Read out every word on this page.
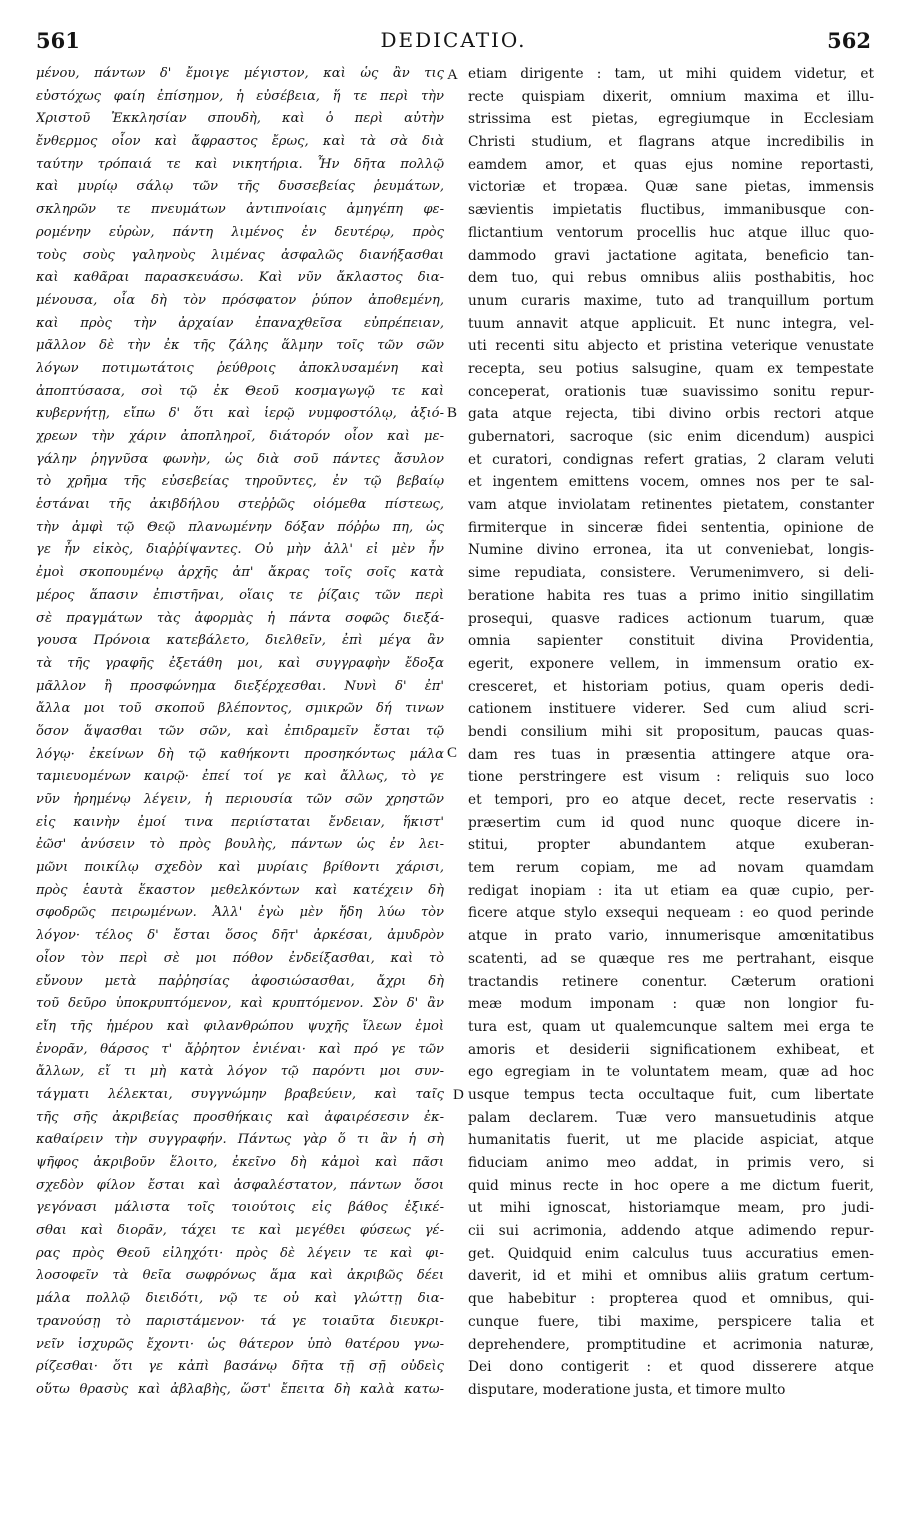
561	DEDICATIO.	562
μένου, πάντων δ' ἔμοιγε μέγιστον, καὶ ὡς ἂν τις
εὐστόχως φαίη ἐπίσημον, ἡ εὐσέβεια, ἥ τε περὶ τὴν
Χριστοῦ Ἐκκλησίαν σπουδὴ, καὶ ὁ περὶ αὐτὴν
ἔνθερμος οἷον καὶ ἄφραστος ἔρως, καὶ τὰ σὰ διὰ
ταύτην τρόπαιά τε καὶ νικητήρια. Ἦν δῆτα πολλῷ
καὶ μυρίῳ σάλῳ τῶν τῆς δυσσεβείας ῥευμάτων,
σκληρῶν τε πνευμάτων ἀντιπνοίαις ἀμηγέπη φε-
ρομένην εὑρὼν, πάντη λιμένος ἐν δευτέρῳ, πρὸς
τοὺς σοὺς γαληνοὺς λιμένας ἀσφαλῶς διανήξασθαι
καὶ καθᾶραι παρασκευάσω. Καὶ νῦν ἄκλαστος δια-
μένουσα, οἷα δὴ τὸν πρόσφατον ῥύπον ἀποθεμένη,
καὶ πρὸς τὴν ἀρχαίαν ἐπαναχθεῖσα εὐπρέπειαν,
μᾶλλον δὲ τὴν ἐκ τῆς ζάλης ἅλμην τοῖς τῶν σῶν
λόγων ποτιμωτάτοις ῥεύθροις ἀποκλυσαμένη καὶ
ἀποπτύσασα, σοὶ τῷ ἐκ Θεοῦ κοσμαγωγῷ τε καὶ
κυβερνήτῃ, εἴπω δ' ὅτι καὶ ἱερῷ νυμφοστόλῳ, ἀξιό-
χρεων τὴν χάριν ἀποπληροῖ, διάτορόν οἷον καὶ με-
γάλην ῥηγνῦσα φωνὴν, ὡς διὰ σοῦ πάντες ἄσυλον
τὸ χρῆμα τῆς εὐσεβείας τηροῦντες, ἐν τῷ βεβαίῳ
ἑστάναι τῆς ἀκιβδήλου στεῤῥῶς οἰόμεθα πίστεως,
τὴν ἀμφὶ τῷ Θεῷ πλανωμένην δόξαν πόῤῥω πη, ὡς
γε ἦν εἰκὸς, διαῤῥίψαντες. Οὐ μὴν ἀλλ' εἰ μὲν ἦν
ἐμοὶ σκοπουμένῳ ἀρχῆς ἀπ' ἄκρας τοῖς σοῖς κατὰ
μέρος ἅπασιν ἐπιστῆναι, οἵαις τε ῥίζαις τῶν περὶ
σὲ πραγμάτων τὰς ἀφορμὰς ἡ πάντα σοφῶς διεξά-
γουσα Πρόνοια κατεβάλετο, διελθεῖν, ἐπὶ μέγα ἂν
τὰ τῆς γραφῆς ἐξετάθη μοι, καὶ συγγραφὴν ἔδοξα
μᾶλλον ἢ προσφώνημα διεξέρχεσθαι. Νυνὶ δ' ἐπ'
ἄλλα μοι τοῦ σκοποῦ βλέποντος, σμικρῶν δή τινων
ὅσον ἅψασθαι τῶν σῶν, καὶ ἐπιδραμεῖν ἔσται τῷ
λόγῳ· ἐκείνων δὴ τῷ καθήκοντι προσηκόντως μάλα
ταμιευομένων καιρῷ· ἐπεί τοί γε καὶ ἄλλως, τὸ γε
νῦν ἠρημένῳ λέγειν, ἡ περιουσία τῶν σῶν χρηστῶν
εἰς καινὴν ἐμοί τινα περιίσταται ἔνδειαν, ἥκιστ'
ἐῶσ' ἀνύσειν τὸ πρὸς βουλὴς, πάντων ὡς ἐν λει-
μῶνι ποικίλῳ σχεδὸν καὶ μυρίαις βρίθοντι χάρισι,
πρὸς ἑαυτὰ ἕκαστον μεθελκόντων καὶ κατέχειν δὴ
σφοδρῶς πειρωμένων. Ἀλλ' ἐγὼ μὲν ἤδη λύω τὸν
λόγον· τέλος δ' ἔσται ὅσος δῆτ' ἀρκέσαι, ἀμυδρὸν
οἷον τὸν περὶ σὲ μοι πόθον ἐνδείξασθαι, καὶ τὸ
εὔνουν μετὰ παῤῥησίας ἀφοσιώσασθαι, ἄχρι δὴ
τοῦ δεῦρο ὑποκρυπτόμενον, καὶ κρυπτόμενον. Σὸν δ' ἂν
εἴη τῆς ἡμέρου καὶ φιλανθρώπου ψυχῆς ἴλεων ἐμοὶ
ἐνορᾶν, θάρσος τ' ἄῤῥητον ἐνιέναι· καὶ πρό γε τῶν
ἄλλων, εἴ τι μὴ κατὰ λόγον τῷ παρόντι μοι συν-
τάγματι λέλεκται, συγγνώμην βραβεύειν, καὶ ταῖς
τῆς σῆς ἀκριβείας προσθήκαις καὶ ἀφαιρέσεσιν ἐκ-
καθαίρειν τὴν συγγραφήν. Πάντως γὰρ ὅ τι ἂν ἡ σὴ
ψῆφος ἀκριβοῦν ἕλοιτο, ἐκεῖνο δὴ κἀμοὶ καὶ πᾶσι
σχεδὸν φίλον ἔσται καὶ ἀσφαλέστατον, πάντων ὅσοι
γεγόνασι μάλιστα τοῖς τοιούτοις εἰς βάθος ἐξικέ-
σθαι καὶ διορᾶν, τάχει τε καὶ μεγέθει φύσεως γέ-
ρας πρὸς Θεοῦ εἰληχότι· πρὸς δὲ λέγειν τε καὶ φι-
λοσοφεῖν τὰ θεῖα σωφρόνως ἅμα καὶ ἀκριβῶς δέει
μάλα πολλῷ διειδότι, νῷ τε οὐ καὶ γλώττῃ δια-
τρανούσῃ τὸ παριστάμενον· τά γε τοιαῦτα διευκρι-
νεῖν ἰσχυρῶς ἔχοντι· ὡς θάτερον ὑπὸ θατέρου γνω-
ρίζεσθαι· ὅτι γε κἀπὶ βασάνῳ δῆτα τῇ σῇ οὐδεὶς
οὕτω θρασὺς καὶ ἀβλαβὴς, ὥστ' ἔπειτα δὴ καλὰ κατω-
etiam dirigente : tam, ut mihi quidem videtur, et
recte quispiam dixerit, omnium maxima et illu-
strissima est pietas, egregiumque in Ecclesiam
Christi studium, et flagrans atque incredibilis in
eamdem amor, et quas ejus nomine reportasti,
victoriæ et tropæa. Quæ sane pietas, immensis
sævientis impietatis fluctibus, immanibusque con-
flictantium ventorum procellis huc atque illuc quo-
dammodo gravi jactatione agitata, beneficio tan-
dem tuo, qui rebus omnibus aliis posthabitis, hoc
unum curaris maxime, tuto ad tranquillum portum
tuum annavit atque applicuit. Et nunc integra, vel-
uti recenti situ abjecto et pristina veterique venustate
recepta, seu potius salsugine, quam ex tempestate
conceperat, orationis tuæ suavissimo sonitu repur-
gata atque rejecta, tibi divino orbis rectori atque
gubernatori, sacroque (sic enim dicendum) auspici
et curatori, condignas refert gratias, 2 claram veluti
et ingentem emittens vocem, omnes nos per te sal-
vam atque inviolatam retinentes pietatem, constanter
firmiterque in sinceræ fidei sententia, opinione de
Numine divino erronea, ita ut conveniebat, longis-
sime repudiata, consistere. Verumenimvero, si deli-
beratione habita res tuas a primo initio singillatim
prosequi, quasve radices actionum tuarum, quæ
omnia sapienter constituit divina Providentia,
egerit, exponere vellem, in immensum oratio ex-
cresceret, et historiam potius, quam operis dedi-
cationem instituere viderer. Sed cum aliud scri-
bendi consilium mihi sit propositum, paucas quas-
dam res tuas in præsentia attingere atque ora-
tione perstringere est visum : reliquis suo loco
et tempori, pro eo atque decet, recte reservatis :
præsertim cum id quod nunc quoque dicere in-
stitui, propter abundantem atque exuberan-
tem rerum copiam, me ad novam quamdam
redigat inopiam : ita ut etiam ea quæ cupio, per-
ficere atque stylo exsequi nequeam : eo quod perinde
atque in prato vario, innumerisque amœnitatibus
scatenti, ad se quæque res me pertrahant, eisque
tractandis retinere conentur. Cæterum orationi
meæ modum imponam : quæ non longior fu-
tura est, quam ut qualemcunque saltem mei erga te
amoris et desiderii significationem exhibeat, et
ego egregiam in te voluntatem meam, quæ ad hoc
usque tempus tecta occultaque fuit, cum libertate
palam declarem. Tuæ vero mansuetudinis atque
humanitatis fuerit, ut me placide aspiciat, atque
fiduciam animo meo addat, in primis vero, si
quid minus recte in hoc opere a me dictum fuerit,
ut mihi ignoscat, historiamque meam, pro judi-
cii sui acrimonia, addendo atque adimendo repur-
get. Quidquid enim calculus tuus accuratius emen-
daverit, id et mihi et omnibus aliis gratum certum-
que habebitur : propterea quod et omnibus, qui-
cunque fuere, tibi maxime, perspicere talia et
deprehendere, promptitudine et acrimonia naturæ,
Dei dono contigerit : et quod disserere atque
disputare, moderatione justa, et timore multo
A
B
C
D
